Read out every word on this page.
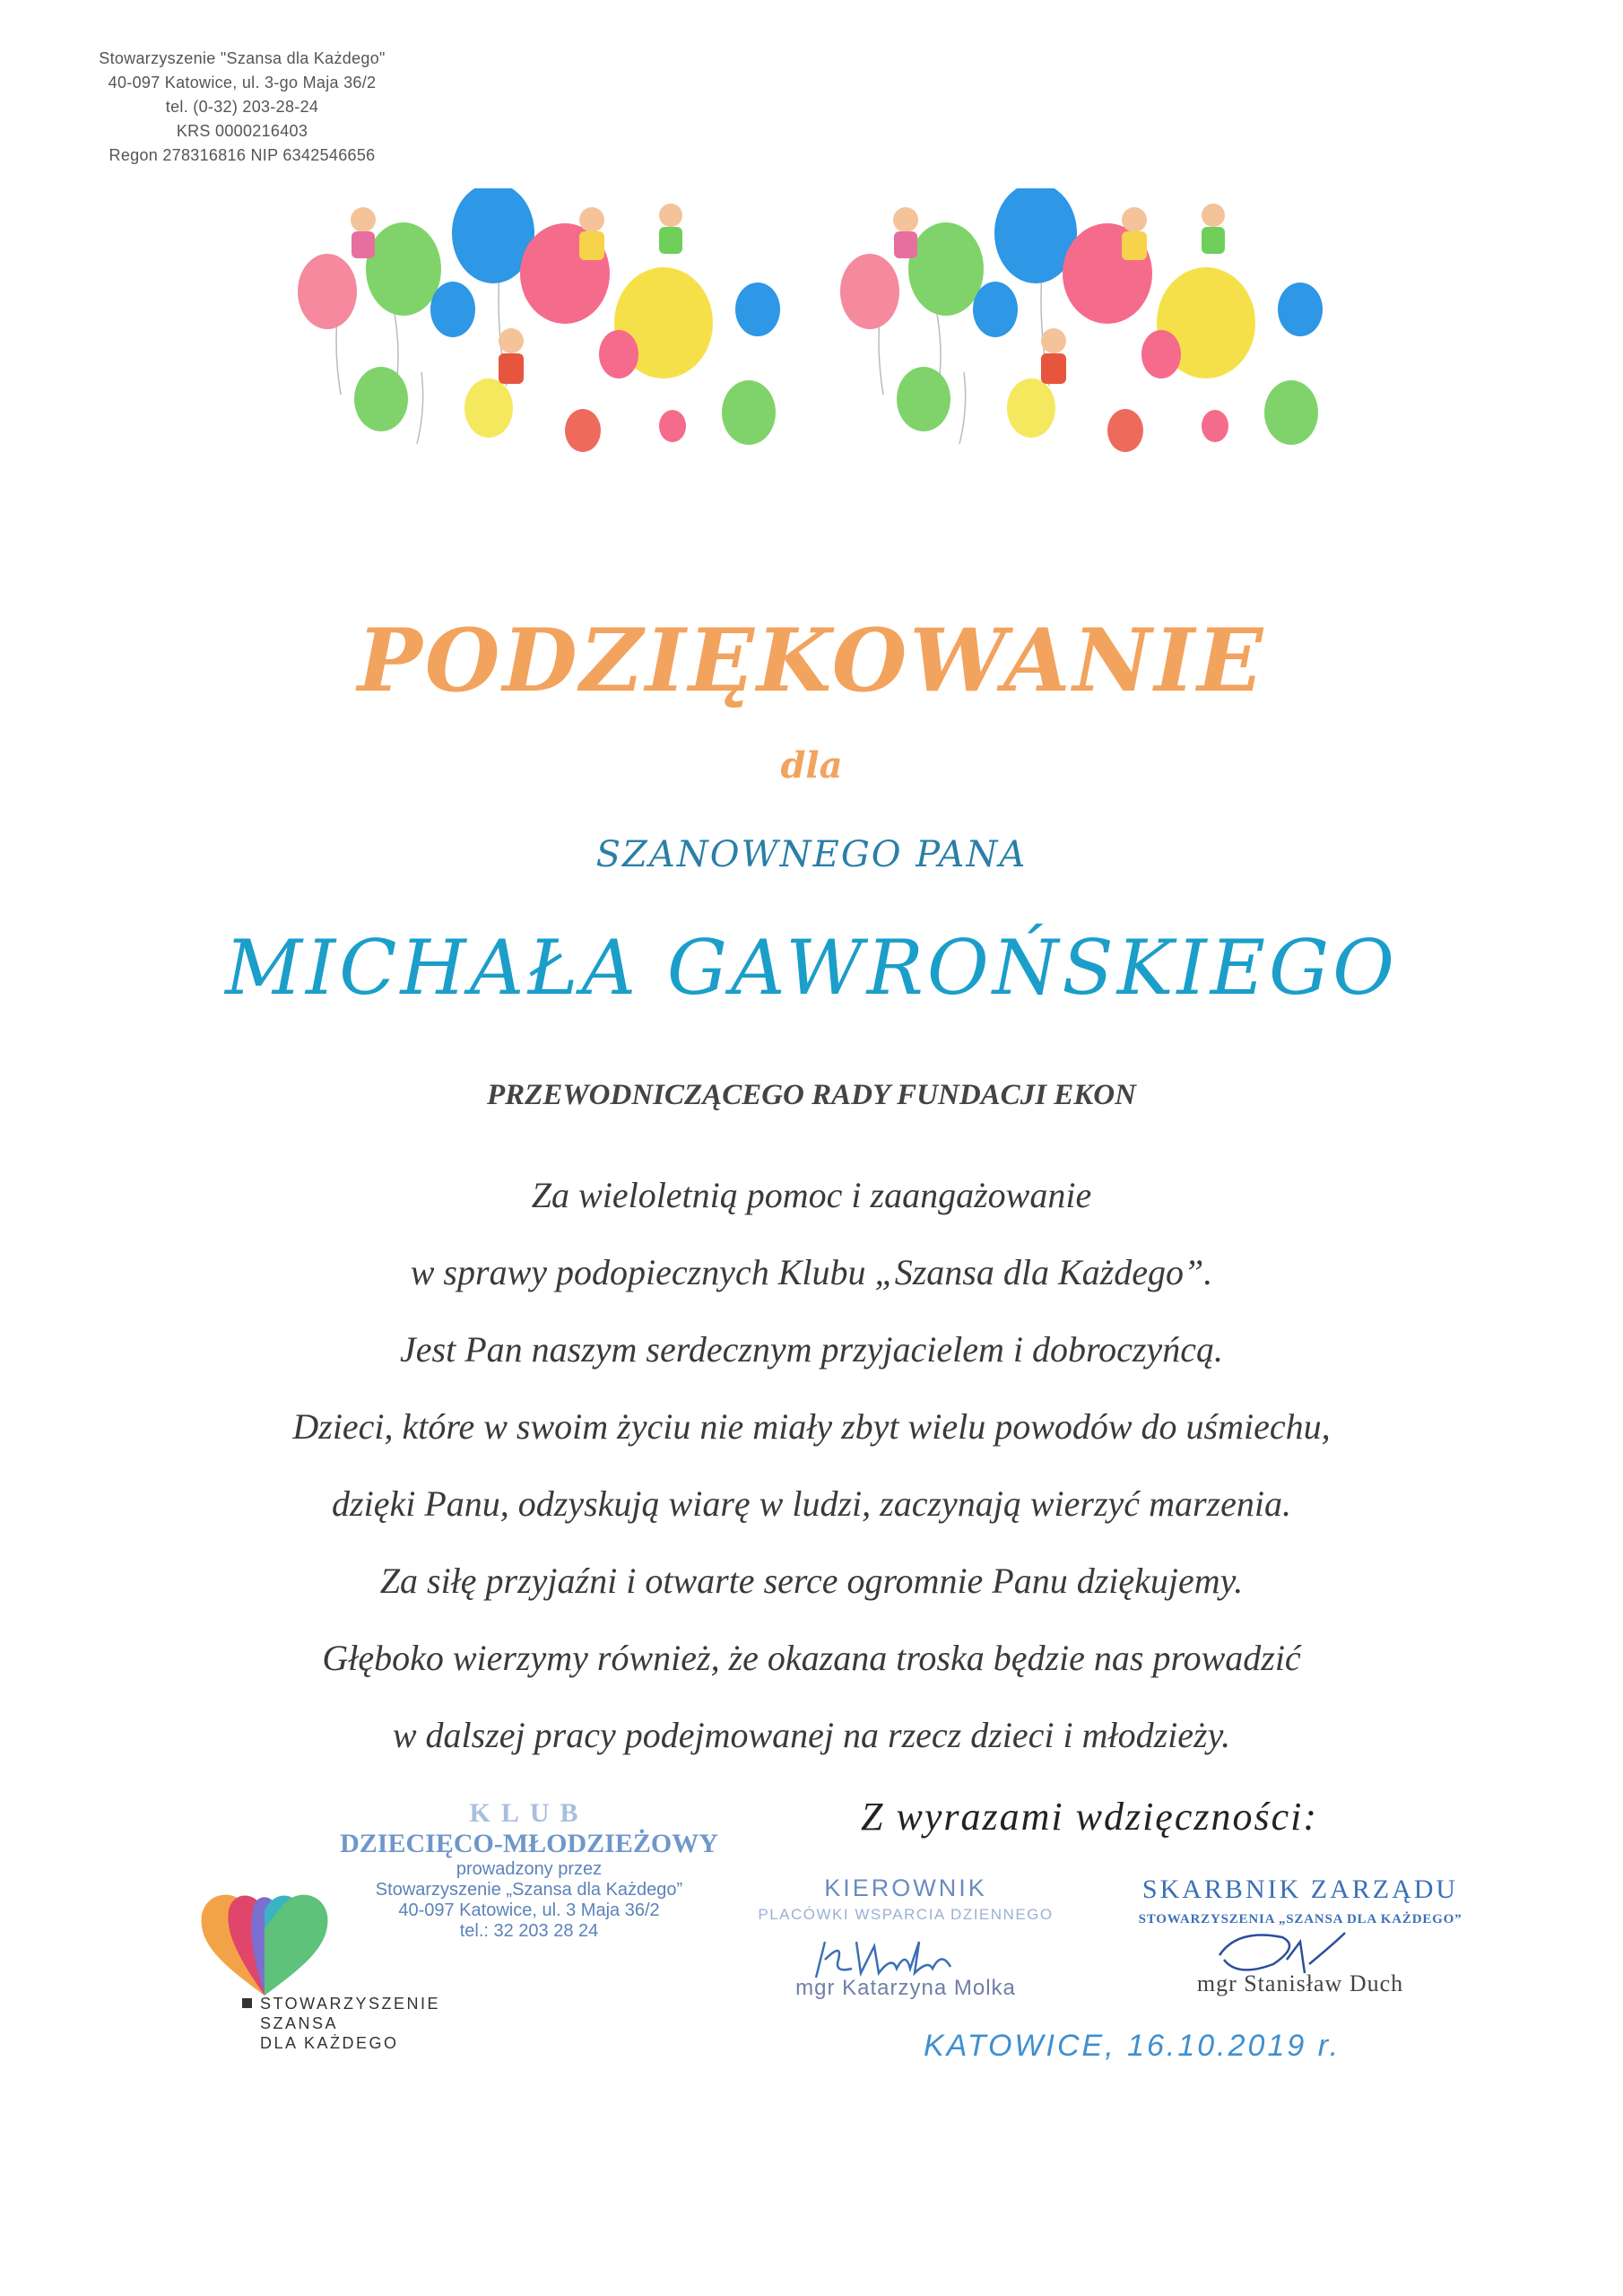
Stowarzyszenie "Szansa dla Każdego"
40-097 Katowice, ul. 3-go Maja 36/2
tel. (0-32) 203-28-24
KRS 0000216403
Regon 278316816 NIP 6342546656
PODZIĘKOWANIE
dla
SZANOWNEGO PANA
MICHAŁA GAWROŃSKIEGO
PRZEWODNICZĄCEGO RADY FUNDACJI EKON
Za wieloletnią pomoc i zaangażowanie
w sprawy podopiecznych Klubu „Szansa dla Każdego”.
Jest Pan naszym serdecznym przyjacielem i dobroczyńcą.
Dzieci, które w swoim życiu nie miały zbyt wielu powodów do uśmiechu,
dzięki Panu, odzyskują wiarę w ludzi, zaczynają wierzyć marzenia.
Za siłę przyjaźni i otwarte serce ogromnie Panu dziękujemy.
Głęboko wierzymy również, że okazana troska będzie nas prowadzić
w dalszej pracy podejmowanej na rzecz dzieci i młodzieży.
Z wyrazami wdzięczności:
KLUB
DZIECIĘCO-MŁODZIEŻOWY
prowadzony przez
Stowarzyszenie „Szansa dla Każdego”
40-097 Katowice, ul. 3 Maja 36/2
tel.: 32 203 28 24
STOWARZYSZENIE
SZANSA
DLA KAŻDEGO
KIEROWNIK
PLACÓWKI WSPARCIA DZIENNEGO
mgr Katarzyna Molka
SKARBNIK ZARZĄDU
STOWARZYSZENIA „SZANSA DLA KAŻDEGO”
mgr Stanisław Duch
KATOWICE, 16.10.2019 r.
